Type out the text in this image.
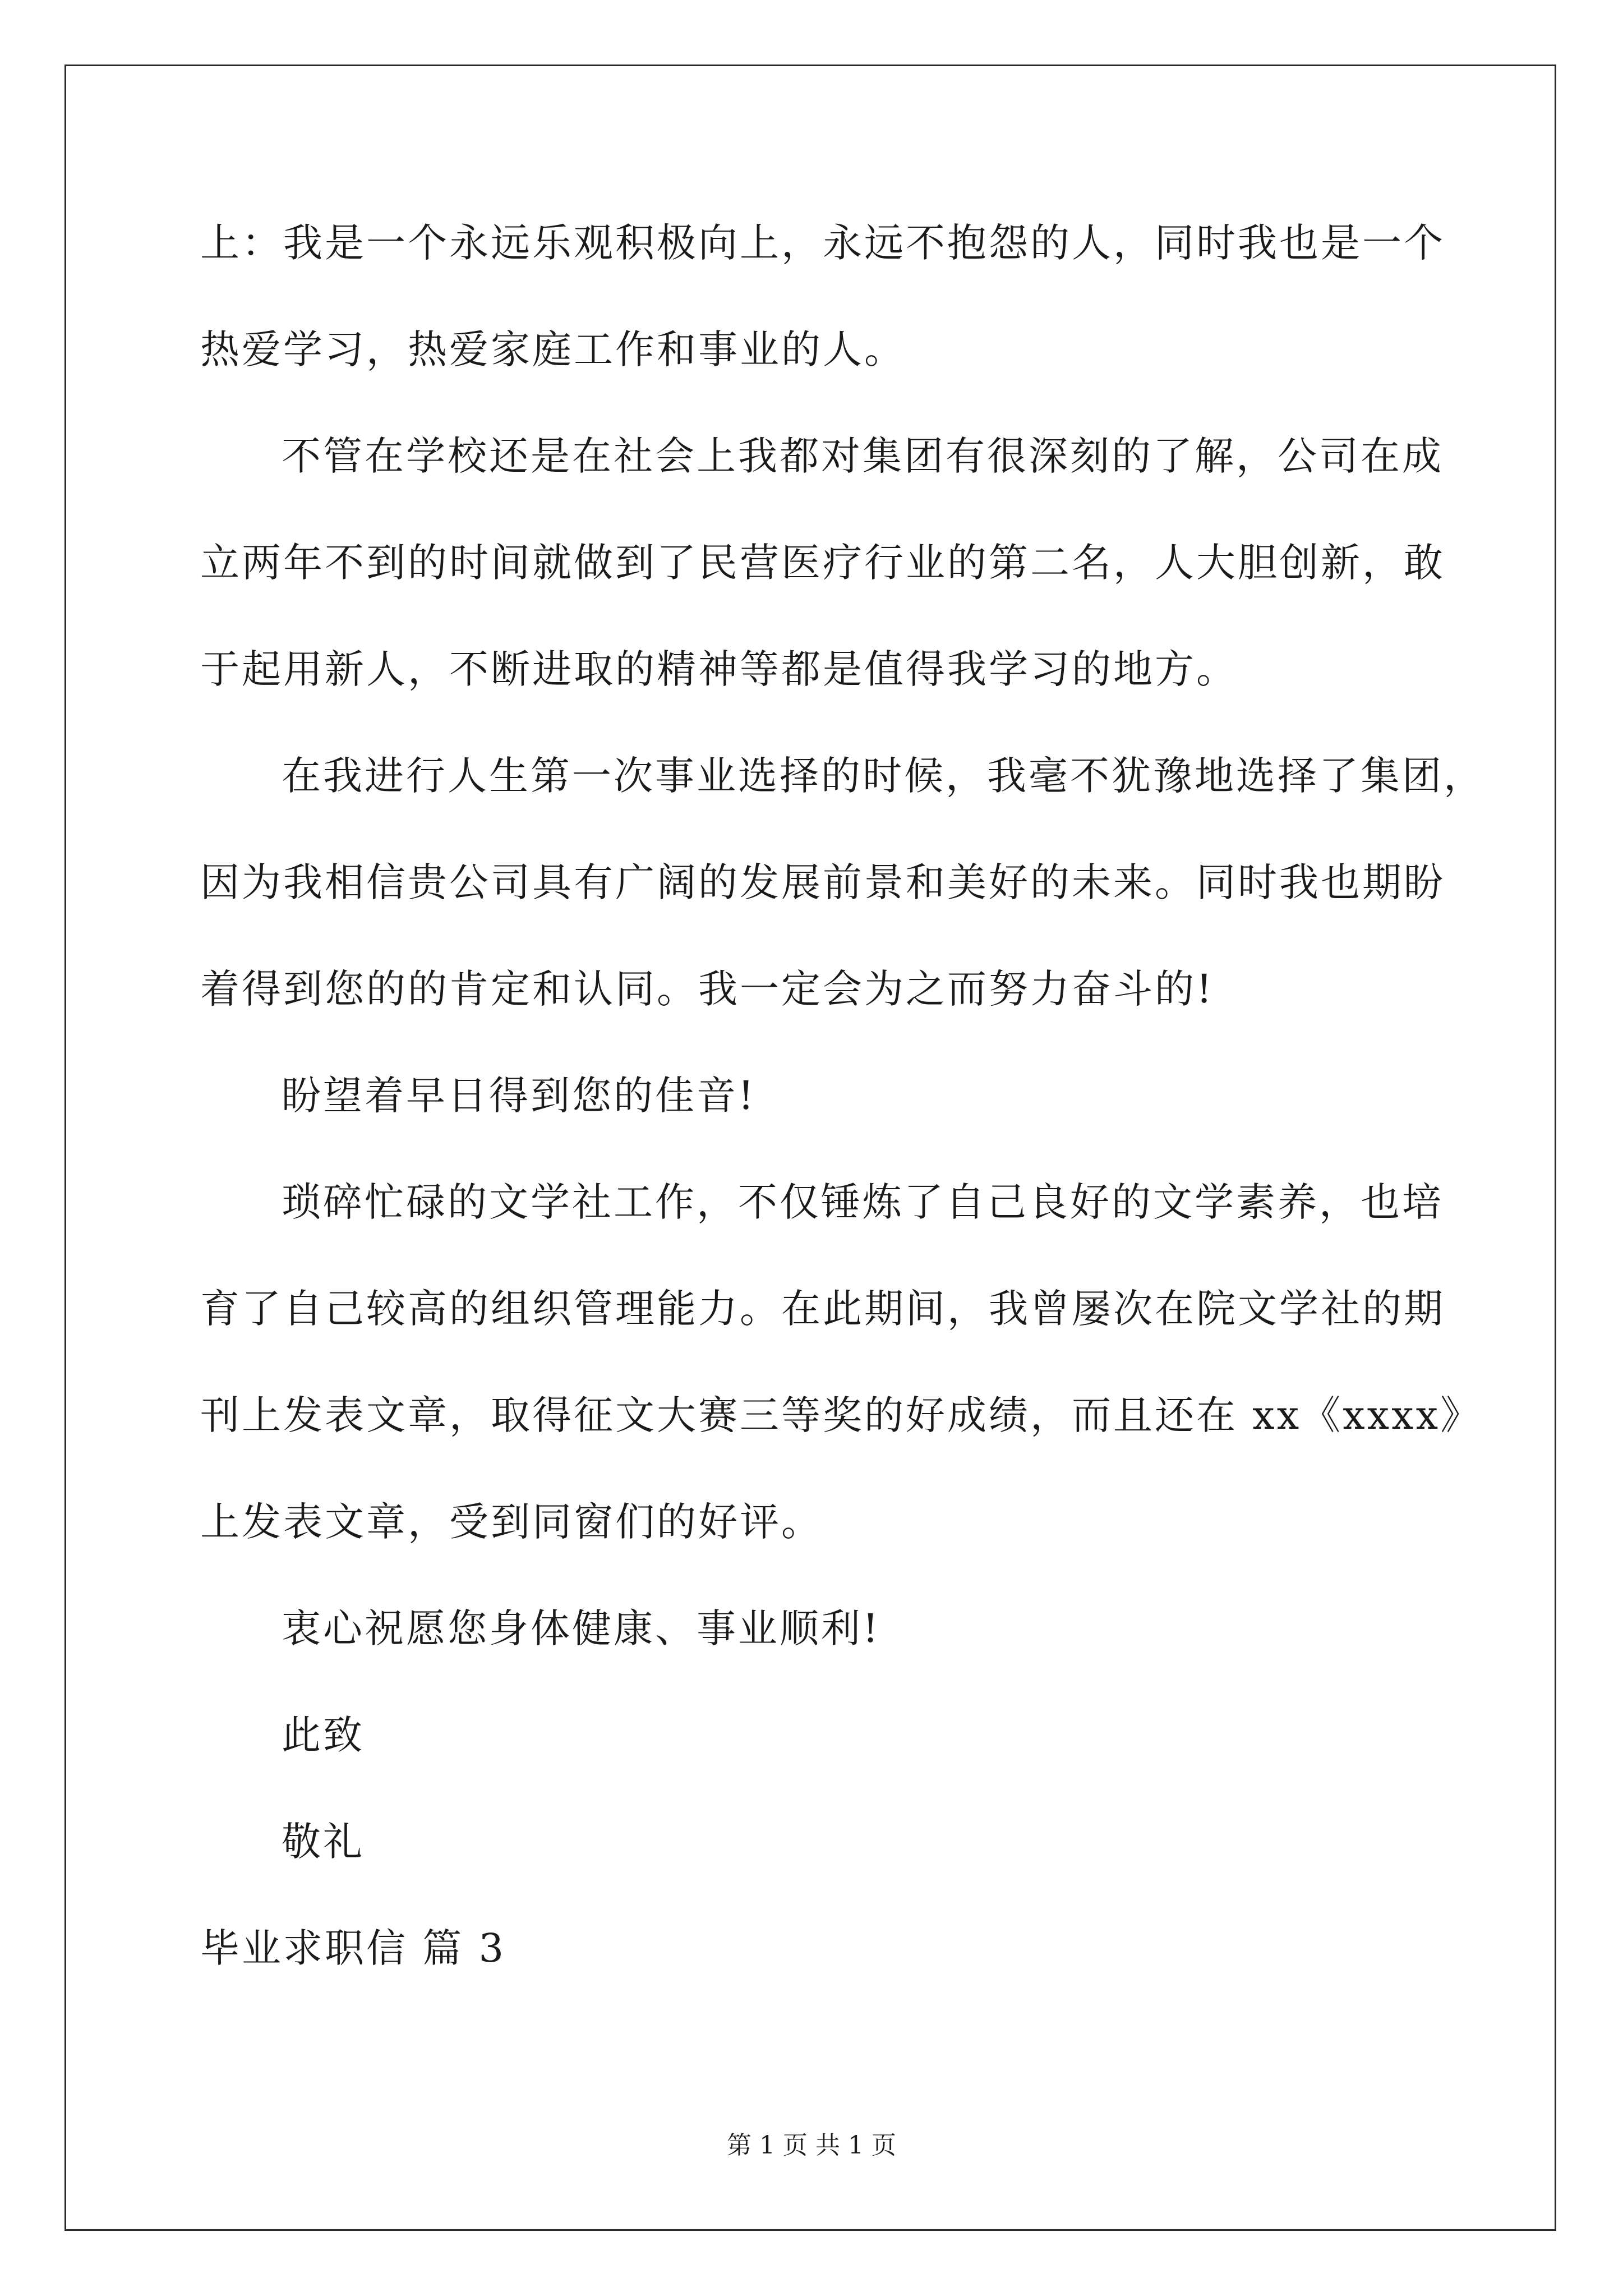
上：我是一个永远乐观积极向上，永远不抱怨的人，同时我也是一个
热爱学习，热爱家庭工作和事业的人。
不管在学校还是在社会上我都对集团有很深刻的了解，公司在成
立两年不到的时间就做到了民营医疗行业的第二名，人大胆创新，敢
于起用新人，不断进取的精神等都是值得我学习的地方。
在我进行人生第一次事业选择的时候，我毫不犹豫地选择了集团，
因为我相信贵公司具有广阔的发展前景和美好的未来。同时我也期盼
着得到您的的肯定和认同。我一定会为之而努力奋斗的!
盼望着早日得到您的佳音!
琐碎忙碌的文学社工作，不仅锤炼了自己良好的文学素养，也培
育了自己较高的组织管理能力。在此期间，我曾屡次在院文学社的期
刊上发表文章，取得征文大赛三等奖的好成绩，而且还在 xx《xxxx》
上发表文章，受到同窗们的好评。
衷心祝愿您身体健康、事业顺利!
此致
敬礼
毕业求职信 篇 3
第 1 页 共 1 页
